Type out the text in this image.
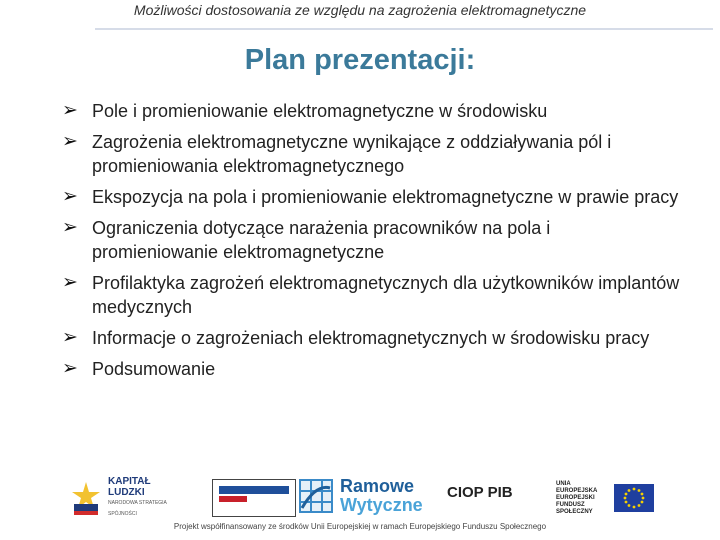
Możliwości dostosowania ze względu na zagrożenia elektromagnetyczne
Plan prezentacji:
➢ Pole i promieniowanie elektromagnetyczne w środowisku
➢ Zagrożenia elektromagnetyczne wynikające z oddziaływania pól i promieniowania elektromagnetycznego
➢ Ekspozycja na pola i promieniowanie elektromagnetyczne w prawie pracy
➢ Ograniczenia dotyczące narażenia pracowników na pola i promieniowanie elektromagnetyczne
➢ Profilaktyka zagrożeń elektromagnetycznych dla użytkowników implantów medycznych
➢ Informacje o zagrożeniach elektromagnetycznych w środowisku pracy
➢ Podsumowanie
KAPITAŁ LUDZKI
NARODOWA STRATEGIA SPÓJNOŚCI
Ramowe
Wytyczne
CIOP PIB
UNIA EUROPEJSKA EUROPEJSKI FUNDUSZ SPOŁECZNY
Projekt współfinansowany ze środków Unii Europejskiej w ramach Europejskiego Funduszu Społecznego
